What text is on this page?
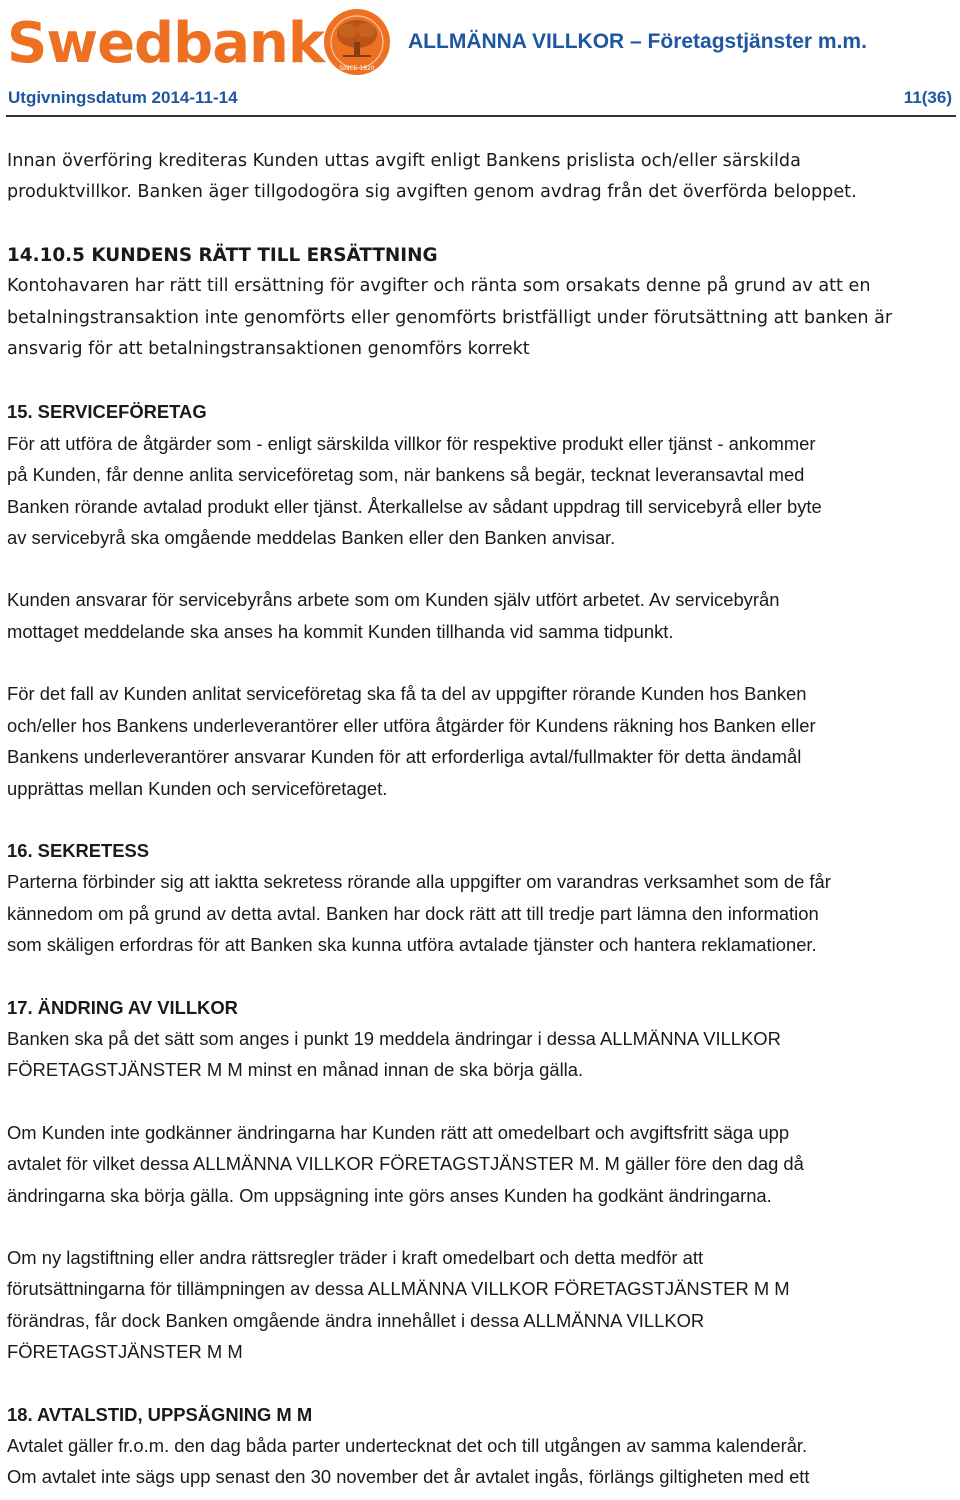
Swedbank	SINCE 1820
ALLMÄNNA VILLKOR – Företagstjänster m.m.
Utgivningsdatum 2014-11-14	11(36)

Innan överföring krediteras Kunden uttas avgift enligt Bankens prislista och/eller särskilda

produktvillkor. Banken äger tillgodogöra sig avgiften genom avdrag från det överförda beloppet.

14.10.5 KUNDENS RÄTT TILL ERSÄTTNING

Kontohavaren har rätt till ersättning för avgifter och ränta som orsakats denne på grund av att en

betalningstransaktion inte genomförts eller genomförts bristfälligt under förutsättning att banken är

ansvarig för att betalningstransaktionen genomförs korrekt

15. SERVICEFÖRETAG

För att utföra de åtgärder som - enligt särskilda villkor för respektive produkt eller tjänst - ankommer

på Kunden, får denne anlita serviceföretag som, när bankens så begär, tecknat leveransavtal med

Banken rörande avtalad produkt eller tjänst. Återkallelse av sådant uppdrag till servicebyrå eller byte

av servicebyrå ska omgående meddelas Banken eller den Banken anvisar.

Kunden ansvarar för servicebyråns arbete som om Kunden själv utfört arbetet. Av servicebyrån

mottaget meddelande ska anses ha kommit Kunden tillhanda vid samma tidpunkt.

För det fall av Kunden anlitat serviceföretag ska få ta del av uppgifter rörande Kunden hos Banken

och/eller hos Bankens underleverantörer eller utföra åtgärder för Kundens räkning hos Banken eller

Bankens underleverantörer ansvarar Kunden för att erforderliga avtal/fullmakter för detta ändamål

upprättas mellan Kunden och serviceföretaget.

16. SEKRETESS

Parterna förbinder sig att iaktta sekretess rörande alla uppgifter om varandras verksamhet som de får

kännedom om på grund av detta avtal. Banken har dock rätt att till tredje part lämna den information

som skäligen erfordras för att Banken ska kunna utföra avtalade tjänster och hantera reklamationer.

17. ÄNDRING AV VILLKOR

Banken ska på det sätt som anges i punkt 19 meddela ändringar i dessa ALLMÄNNA VILLKOR

FÖRETAGSTJÄNSTER M M minst en månad innan de ska börja gälla.

Om Kunden inte godkänner ändringarna har Kunden rätt att omedelbart och avgiftsfritt säga upp

avtalet för vilket dessa ALLMÄNNA VILLKOR FÖRETAGSTJÄNSTER M. M gäller före den dag då

ändringarna ska börja gälla. Om uppsägning inte görs anses Kunden ha godkänt ändringarna.

Om ny lagstiftning eller andra rättsregler träder i kraft omedelbart och detta medför att

förutsättningarna för tillämpningen av dessa ALLMÄNNA VILLKOR FÖRETAGSTJÄNSTER M M

förändras, får dock Banken omgående ändra innehållet i dessa ALLMÄNNA VILLKOR

FÖRETAGSTJÄNSTER M M

18. AVTALSTID, UPPSÄGNING M M

Avtalet gäller fr.o.m. den dag båda parter undertecknat det och till utgången av samma kalenderår.

Om avtalet inte sägs upp senast den 30 november det år avtalet ingås, förlängs giltigheten med ett
